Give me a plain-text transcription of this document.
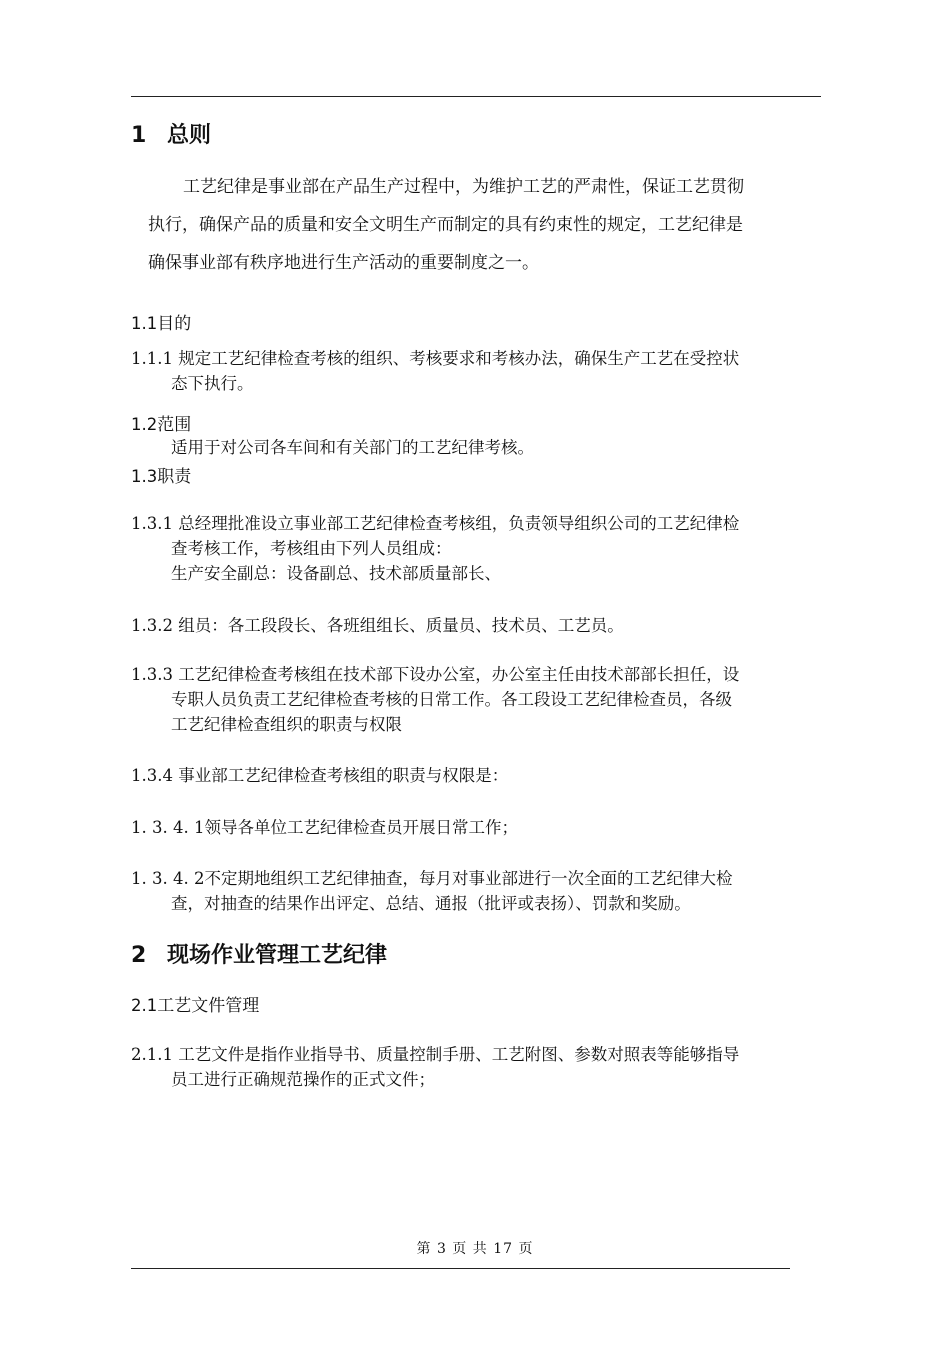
1 总则
工艺纪律是事业部在产品生产过程中，为维护工艺的严肃性，保证工艺贯彻
执行，确保产品的质量和安全文明生产而制定的具有约束性的规定，工艺纪律是
确保事业部有秩序地进行生产活动的重要制度之一。
1.1目的
1.1.1 规定工艺纪律检查考核的组织、考核要求和考核办法，确保生产工艺在受控状
态下执行。
1.2范围
适用于对公司各车间和有关部门的工艺纪律考核。
1.3职责
1.3.1 总经理批准设立事业部工艺纪律检查考核组，负责领导组织公司的工艺纪律检
查考核工作，考核组由下列人员组成：
生产安全副总：设备副总、技术部质量部长、
1.3.2 组员：各工段段长、各班组组长、质量员、技术员、工艺员。
1.3.3 工艺纪律检查考核组在技术部下设办公室，办公室主任由技术部部长担任，设
专职人员负责工艺纪律检查考核的日常工作。各工段设工艺纪律检查员，各级
工艺纪律检查组织的职责与权限
1.3.4 事业部工艺纪律检查考核组的职责与权限是：
1. 3. 4. 1领导各单位工艺纪律检查员开展日常工作；
1. 3. 4. 2不定期地组织工艺纪律抽查，每月对事业部进行一次全面的工艺纪律大检
查，对抽查的结果作出评定、总结、通报（批评或表扬）、罚款和奖励。
2 现场作业管理工艺纪律
2.1工艺文件管理
2.1.1 工艺文件是指作业指导书、质量控制手册、工艺附图、参数对照表等能够指导
员工进行正确规范操作的正式文件；
第 3 页 共 17 页
